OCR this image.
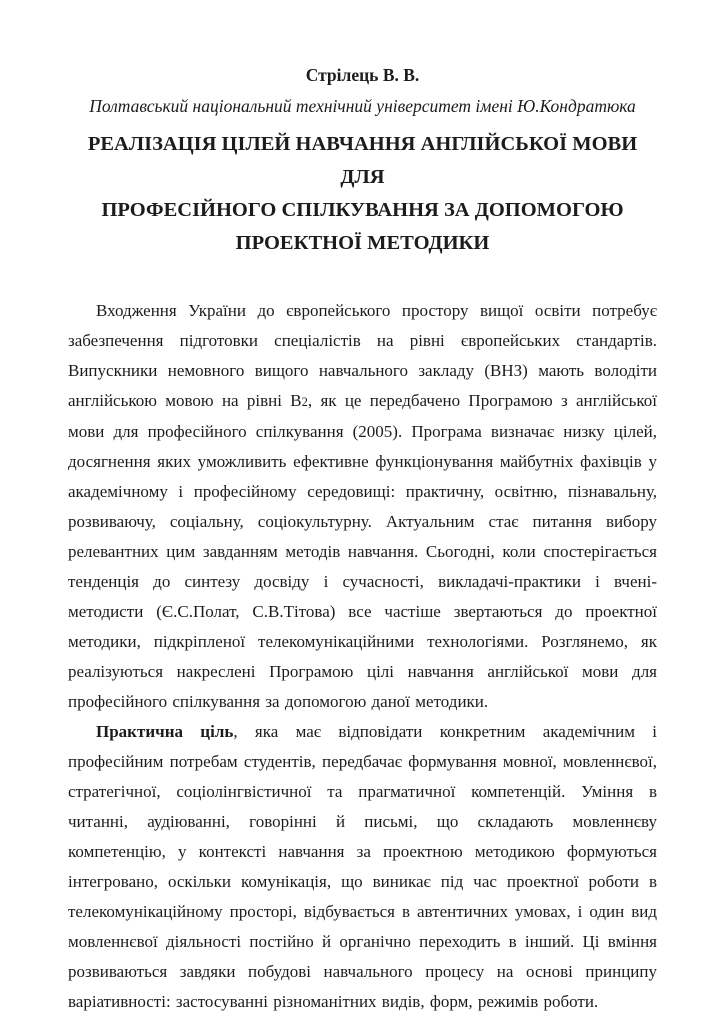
Стрілець В. В.

Полтавський національний технічний університет імені Ю.Кондратюка

РЕАЛІЗАЦІЯ ЦІЛЕЙ НАВЧАННЯ АНГЛІЙСЬКОЇ МОВИ ДЛЯ
ПРОФЕСІЙНОГО СПІЛКУВАННЯ ЗА ДОПОМОГОЮ
ПРОЕКТНОЇ МЕТОДИКИ

Входження України до європейського простору вищої освіти потребує забезпечення підготовки спеціалістів на рівні європейських стандартів. Випускники немовного вищого навчального закладу (ВНЗ) мають володіти англійською мовою на рівні В2, як це передбачено Програмою з англійської мови для професійного спілкування (2005). Програма визначає низку цілей, досягнення яких уможливить ефективне функціонування майбутніх фахівців у академічному і професійному середовищі: практичну, освітню, пізнавальну, розвиваючу, соціальну, соціокультурну. Актуальним стає питання вибору релевантних цим завданням методів навчання. Сьогодні, коли спостерігається тенденція до синтезу досвіду і сучасності, викладачі-практики і вчені-методисти (Є.С.Полат, С.В.Тітова) все частіше звертаються до проектної методики, підкріпленої телекомунікаційними технологіями. Розглянемо, як реалізуються накреслені Програмою цілі навчання англійської мови для професійного спілкування за допомогою даної методики.

Практична ціль, яка має відповідати конкретним академічним і професійним потребам студентів, передбачає формування мовної, мовленнєвої, стратегічної, соціолінгвістичної та прагматичної компетенцій. Уміння в читанні, аудіюванні, говорінні й письмі, що складають мовленнєву компетенцію, у контексті навчання за проектною методикою формуються інтегровано, оскільки комунікація, що виникає під час проектної роботи в телекомунікаційному просторі, відбувається в автентичних умовах, і один вид мовленнєвої діяльності постійно й органічно переходить в інший. Ці вміння розвиваються завдяки побудові навчального процесу на основі принципу варіативності: застосуванні різноманітних видів, форм, режимів роботи.
